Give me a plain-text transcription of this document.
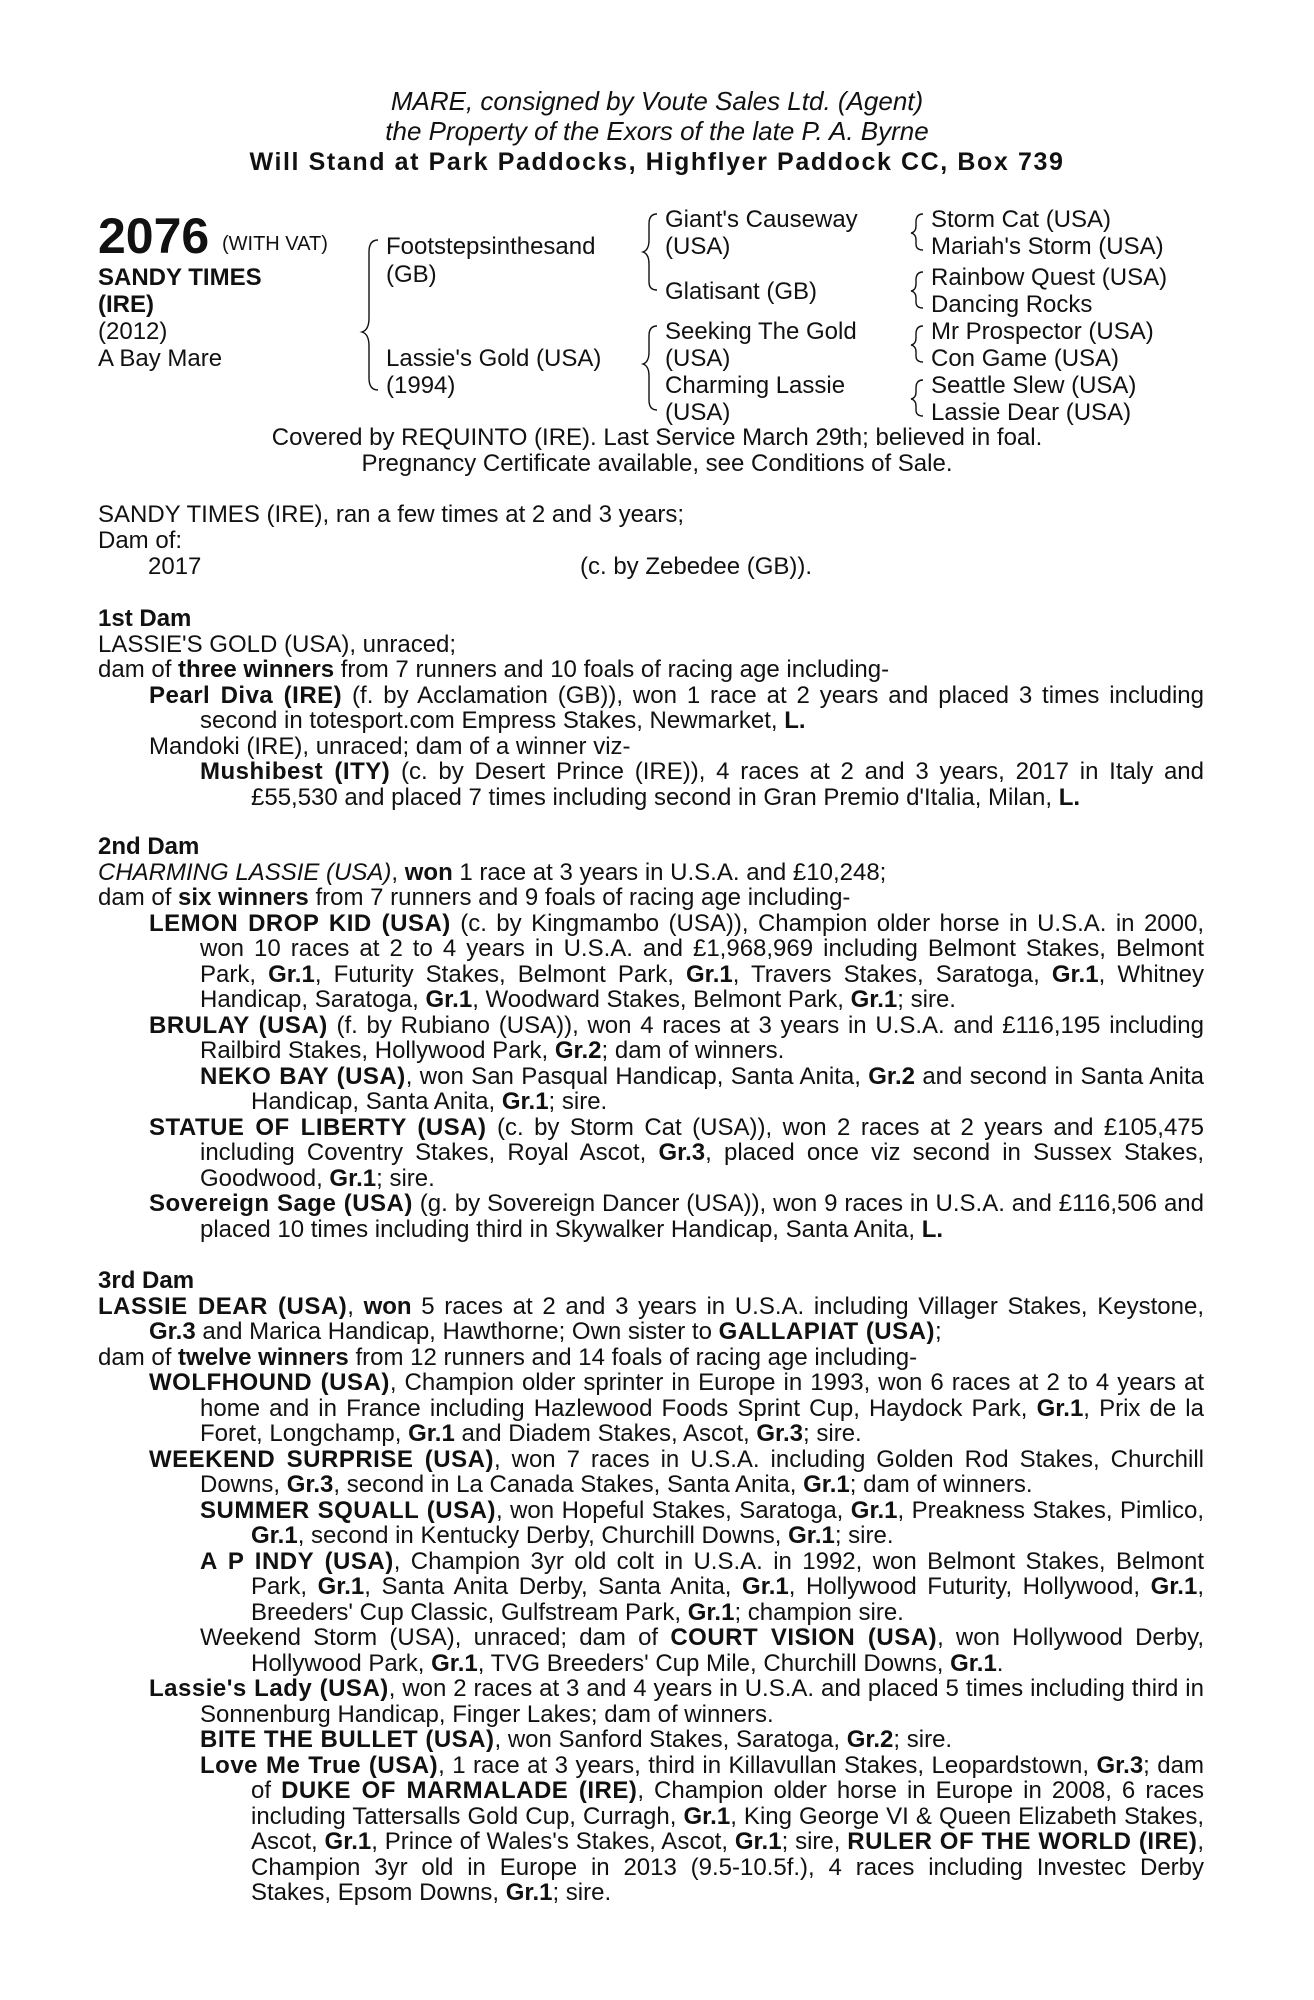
MARE, consigned by Voute Sales Ltd. (Agent)
the Property of the Exors of the late P. A. Byrne
Will Stand at Park Paddocks, Highflyer Paddock CC, Box 739
2076 (WITH VAT)
SANDY TIMES
(IRE)
(2012)
A Bay Mare
Footstepsinthesand
(GB)
Lassie's Gold (USA)
(1994)
Giant's Causeway
(USA)
Glatisant (GB)
Seeking The Gold
(USA)
Charming Lassie
(USA)
Storm Cat (USA)
Mariah's Storm (USA)
Rainbow Quest (USA)
Dancing Rocks
Mr Prospector (USA)
Con Game (USA)
Seattle Slew (USA)
Lassie Dear (USA)
Covered by REQUINTO (IRE). Last Service March 29th; believed in foal.
Pregnancy Certificate available, see Conditions of Sale.
SANDY TIMES (IRE), ran a few times at 2 and 3 years;
Dam of:
2017	(c. by Zebedee (GB)).

1st Dam

LASSIE'S GOLD (USA), unraced;

dam of three winners from 7 runners and 10 foals of racing age including-

Pearl Diva (IRE) (f. by Acclamation (GB)), won 1 race at 2 years and placed 3 times including second in totesport.com Empress Stakes, Newmarket, L.

Mandoki (IRE), unraced; dam of a winner viz-

Mushibest (ITY) (c. by Desert Prince (IRE)), 4 races at 2 and 3 years, 2017 in Italy and £55,530 and placed 7 times including second in Gran Premio d'Italia, Milan, L.

2nd Dam

CHARMING LASSIE (USA), won 1 race at 3 years in U.S.A. and £10,248;

dam of six winners from 7 runners and 9 foals of racing age including-

LEMON DROP KID (USA) (c. by Kingmambo (USA)), Champion older horse in U.S.A. in 2000, won 10 races at 2 to 4 years in U.S.A. and £1,968,969 including Belmont Stakes, Belmont Park, Gr.1, Futurity Stakes, Belmont Park, Gr.1, Travers Stakes, Saratoga, Gr.1, Whitney Handicap, Saratoga, Gr.1, Woodward Stakes, Belmont Park, Gr.1; sire.

BRULAY (USA) (f. by Rubiano (USA)), won 4 races at 3 years in U.S.A. and £116,195 including Railbird Stakes, Hollywood Park, Gr.2; dam of winners.

NEKO BAY (USA), won San Pasqual Handicap, Santa Anita, Gr.2 and second in Santa Anita Handicap, Santa Anita, Gr.1; sire.

STATUE OF LIBERTY (USA) (c. by Storm Cat (USA)), won 2 races at 2 years and £105,475 including Coventry Stakes, Royal Ascot, Gr.3, placed once viz second in Sussex Stakes, Goodwood, Gr.1; sire.

Sovereign Sage (USA) (g. by Sovereign Dancer (USA)), won 9 races in U.S.A. and £116,506 and placed 10 times including third in Skywalker Handicap, Santa Anita, L.

3rd Dam

LASSIE DEAR (USA), won 5 races at 2 and 3 years in U.S.A. including Villager Stakes, Keystone, Gr.3 and Marica Handicap, Hawthorne; Own sister to GALLAPIAT (USA);

dam of twelve winners from 12 runners and 14 foals of racing age including-

WOLFHOUND (USA), Champion older sprinter in Europe in 1993, won 6 races at 2 to 4 years at home and in France including Hazlewood Foods Sprint Cup, Haydock Park, Gr.1, Prix de la Foret, Longchamp, Gr.1 and Diadem Stakes, Ascot, Gr.3; sire.

WEEKEND SURPRISE (USA), won 7 races in U.S.A. including Golden Rod Stakes, Churchill Downs, Gr.3, second in La Canada Stakes, Santa Anita, Gr.1; dam of winners.

SUMMER SQUALL (USA), won Hopeful Stakes, Saratoga, Gr.1, Preakness Stakes, Pimlico, Gr.1, second in Kentucky Derby, Churchill Downs, Gr.1; sire.

A P INDY (USA), Champion 3yr old colt in U.S.A. in 1992, won Belmont Stakes, Belmont Park, Gr.1, Santa Anita Derby, Santa Anita, Gr.1, Hollywood Futurity, Hollywood, Gr.1, Breeders' Cup Classic, Gulfstream Park, Gr.1; champion sire.

Weekend Storm (USA), unraced; dam of COURT VISION (USA), won Hollywood Derby, Hollywood Park, Gr.1, TVG Breeders' Cup Mile, Churchill Downs, Gr.1.

Lassie's Lady (USA), won 2 races at 3 and 4 years in U.S.A. and placed 5 times including third in Sonnenburg Handicap, Finger Lakes; dam of winners.

BITE THE BULLET (USA), won Sanford Stakes, Saratoga, Gr.2; sire.

Love Me True (USA), 1 race at 3 years, third in Killavullan Stakes, Leopardstown, Gr.3; dam of DUKE OF MARMALADE (IRE), Champion older horse in Europe in 2008, 6 races including Tattersalls Gold Cup, Curragh, Gr.1, King George VI & Queen Elizabeth Stakes, Ascot, Gr.1, Prince of Wales's Stakes, Ascot, Gr.1; sire, RULER OF THE WORLD (IRE), Champion 3yr old in Europe in 2013 (9.5-10.5f.), 4 races including Investec Derby Stakes, Epsom Downs, Gr.1; sire.
